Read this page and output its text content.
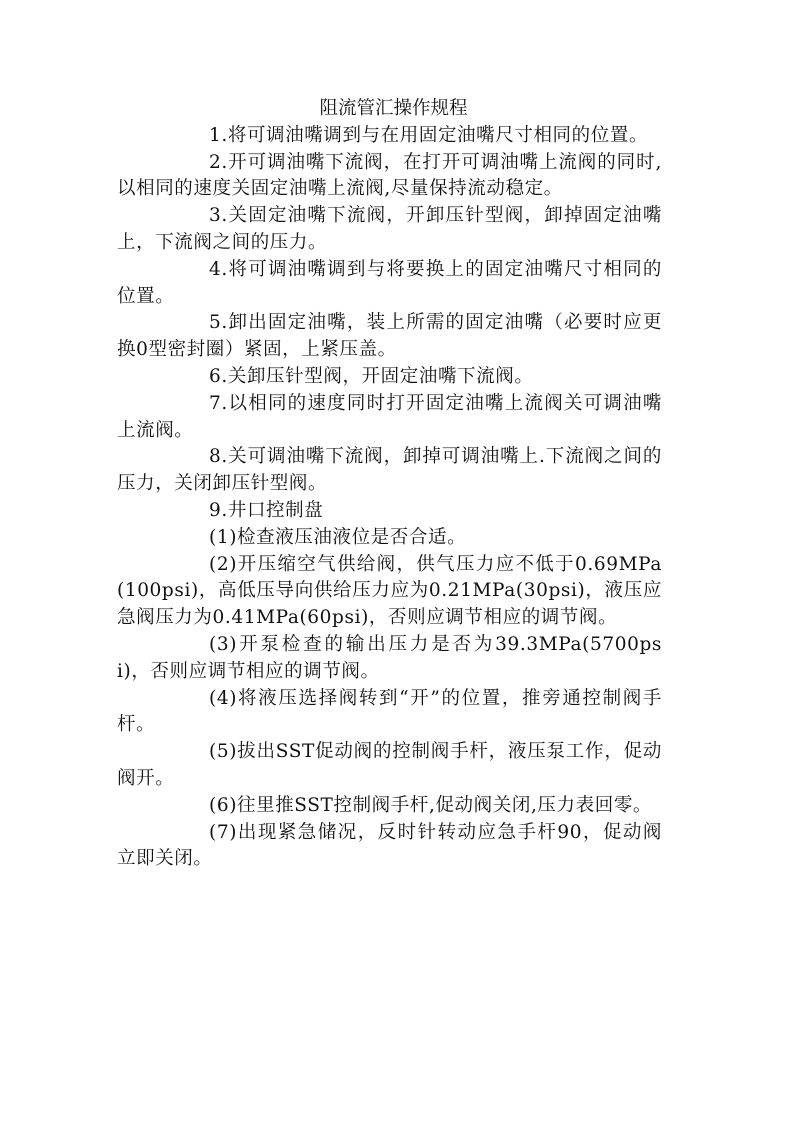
阻流管汇操作规程

1.将可调油嘴调到与在用固定油嘴尺寸相同的位置。

2.开可调油嘴下流阀，在打开可调油嘴上流阀的同时,以相同的速度关固定油嘴上流阀,尽量保持流动稳定。

3.关固定油嘴下流阀，开卸压针型阀，卸掉固定油嘴上，下流阀之间的压力。

4.将可调油嘴调到与将要换上的固定油嘴尺寸相同的位置。

5.卸出固定油嘴，装上所需的固定油嘴（必要时应更换0型密封圈）紧固，上紧压盖。

6.关卸压针型阀，开固定油嘴下流阀。

7.以相同的速度同时打开固定油嘴上流阀关可调油嘴上流阀。

8.关可调油嘴下流阀，卸掉可调油嘴上.下流阀之间的压力，关闭卸压针型阀。

9.井口控制盘

(1)检查液压油液位是否合适。

(2)开压缩空气供给阀，供气压力应不低于0.69MPa(100psi)，高低压导向供给压力应为0.21MPa(30psi)，液压应急阀压力为0.41MPa(60psi)，否则应调节相应的调节阀。

(3)开泵检查的输出压力是否为39.3MPa(5700psi)，否则应调节相应的调节阀。

(4)将液压选择阀转到“开”的位置，推旁通控制阀手杆。

(5)拔出SST促动阀的控制阀手杆，液压泵工作，促动阀开。

(6)往里推SST控制阀手杆,促动阀关闭,压力表回零。

(7)出现紧急储况，反时针转动应急手杆90，促动阀立即关闭。
